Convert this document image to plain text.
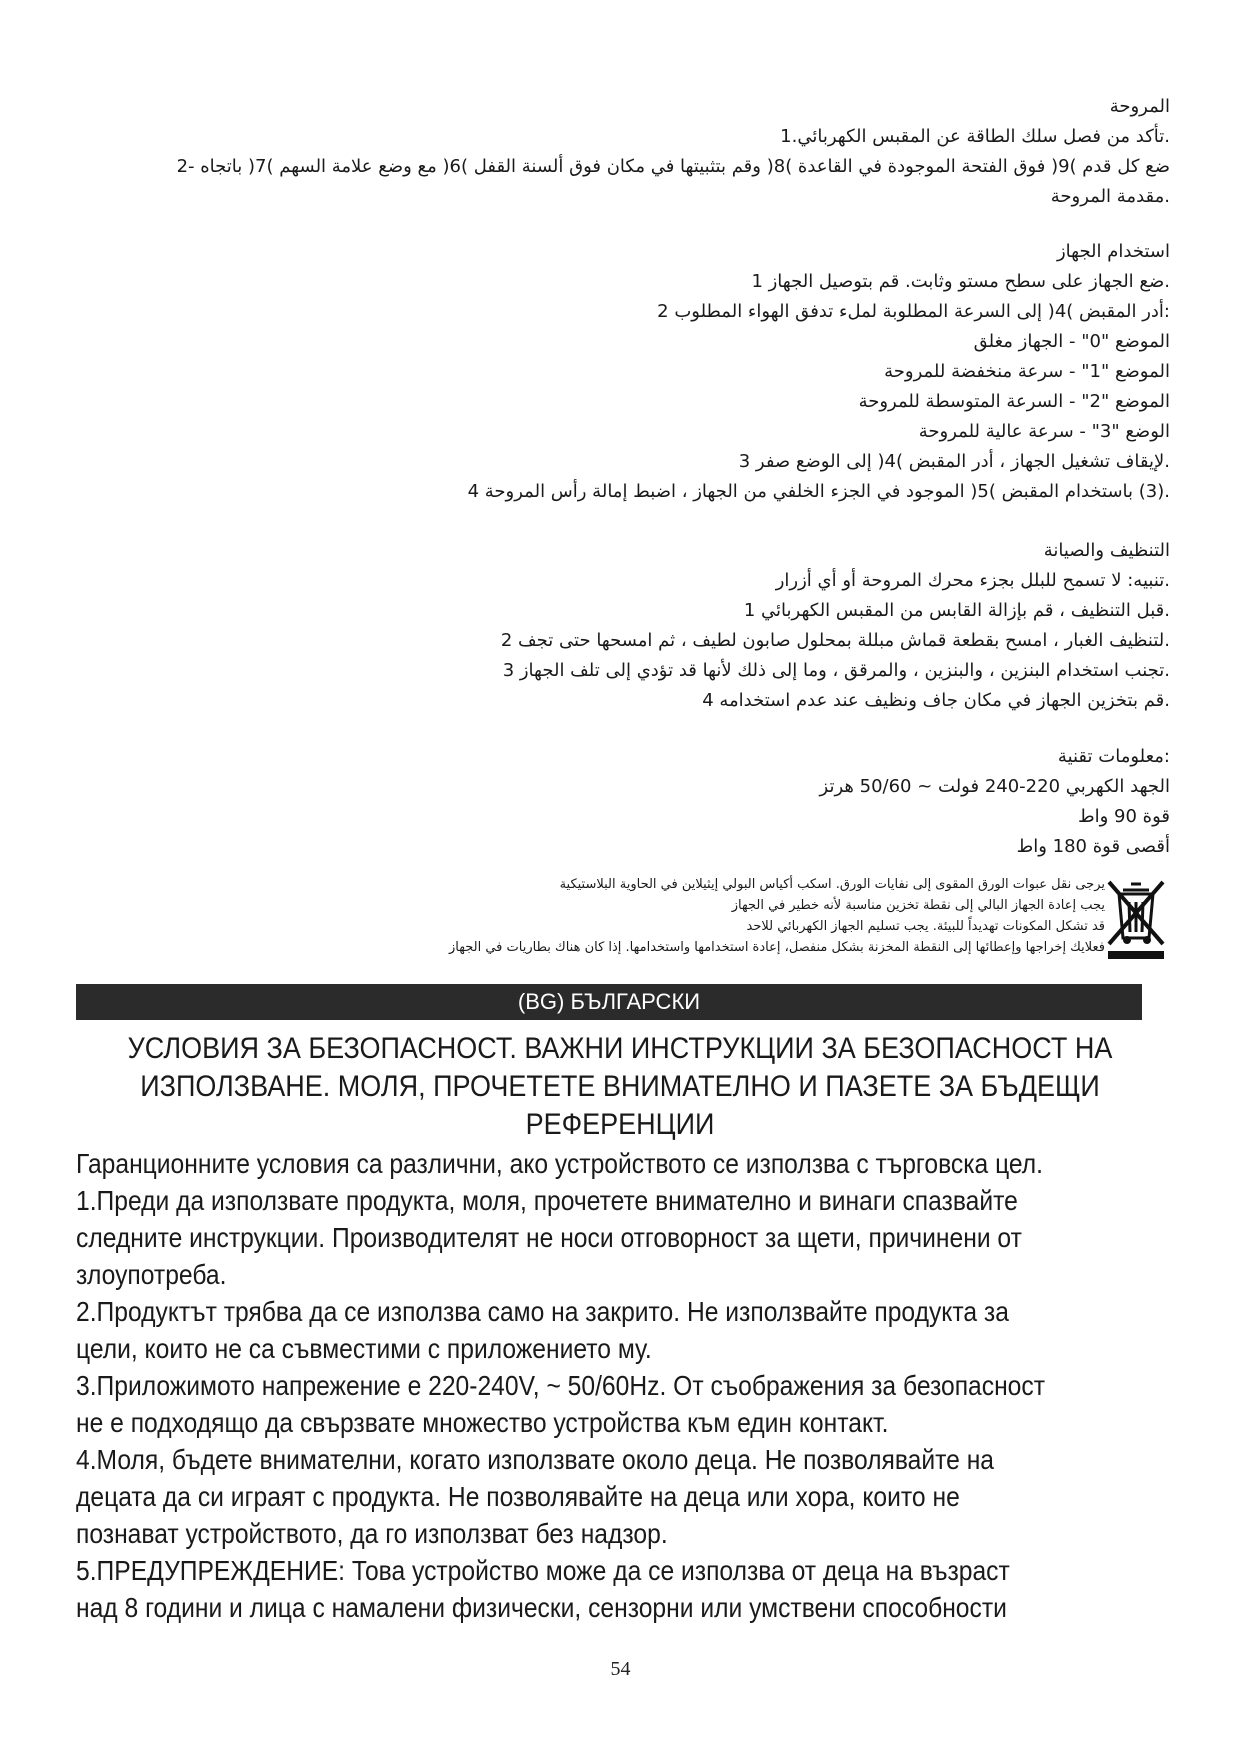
المروحة
.تأكد من فصل سلك الطاقة عن المقبس الكهربائي.1
ضع كل قدم )9( فوق الفتحة الموجودة في القاعدة )8( وقم بتثبيتها في مكان فوق ألسنة القفل )6( مع وضع علامة السهم )7( باتجاه -2
.مقدمة المروحة
استخدام الجهاز
.ضع الجهاز على سطح مستو وثابت. قم بتوصيل الجهاز 1
:أدر المقبض )4( إلى السرعة المطلوبة لملء تدفق الهواء المطلوب 2
الموضع "0" - الجهاز مغلق
الموضع "1" - سرعة منخفضة للمروحة
الموضع "2" - السرعة المتوسطة للمروحة
الوضع "3" - سرعة عالية للمروحة
.لإيقاف تشغيل الجهاز ، أدر المقبض )4( إلى الوضع صفر 3
.(3) باستخدام المقبض )5( الموجود في الجزء الخلفي من الجهاز ، اضبط إمالة رأس المروحة 4
التنظيف والصيانة
.تنبيه: لا تسمح للبلل بجزء محرك المروحة أو أي أزرار
.قبل التنظيف ، قم بإزالة القابس من المقبس الكهربائي 1
.لتنظيف الغبار ، امسح بقطعة قماش مبللة بمحلول صابون لطيف ، ثم امسحها حتى تجف 2
.تجنب استخدام البنزين ، والبنزين ، والمرقق ، وما إلى ذلك لأنها قد تؤدي إلى تلف الجهاز 3
.قم بتخزين الجهاز في مكان جاف ونظيف عند عدم استخدامه 4
:معلومات تقنية
الجهد الكهربي 220-240 فولت ~ 50/60 هرتز
قوة 90 واط
أقصى قوة 180 واط
يرجى نقل عبوات الورق المقوى إلى نفايات الورق. اسكب أكياس البولي إيثيلاين في الحاوية البلاستيكية
يجب إعادة الجهاز البالي إلى نقطة تخزين مناسبة لأنه خطير في الجهاز
قد تشكل المكونات تهديداً للبيئة. يجب تسليم الجهاز الكهربائي للاحد
فعلايك إخراجها وإعطائها إلى النقطة المخزنة بشكل منفصل، إعادة استخدامها واستخدامها. إذا كان هناك بطاريات في الجهاز
(BG) БЪЛГАРСКИ
УСЛОВИЯ ЗА БЕЗОПАСНОСТ. ВАЖНИ ИНСТРУКЦИИ ЗА БЕЗОПАСНОСТ НА
ИЗПОЛЗВАНЕ. МОЛЯ, ПРОЧЕТЕТЕ ВНИМАТЕЛНО И ПАЗЕТЕ ЗА БЪДЕЩИ
РЕФЕРЕНЦИИ
Гаранционните условия са различни, ако устройството се използва с търговска цел.
1.Преди да използвате продукта, моля, прочетете внимателно и винаги спазвайте
следните инструкции. Производителят не носи отговорност за щети, причинени от
злоупотреба.
2.Продуктът трябва да се използва само на закрито. Не използвайте продукта за
цели, които не са съвместими с приложението му.
3.Приложимото напрежение е 220-240V, ~ 50/60Hz. От съображения за безопасност
не е подходящо да свързвате множество устройства към един контакт.
4.Моля, бъдете внимателни, когато използвате около деца. Не позволявайте на
децата да си играят с продукта. Не позволявайте на деца или хора, които не
познават устройството, да го използват без надзор.
5.ПРЕДУПРЕЖДЕНИЕ: Това устройство може да се използва от деца на възраст
над 8 години и лица с намалени физически, сензорни или умствени способности
54
